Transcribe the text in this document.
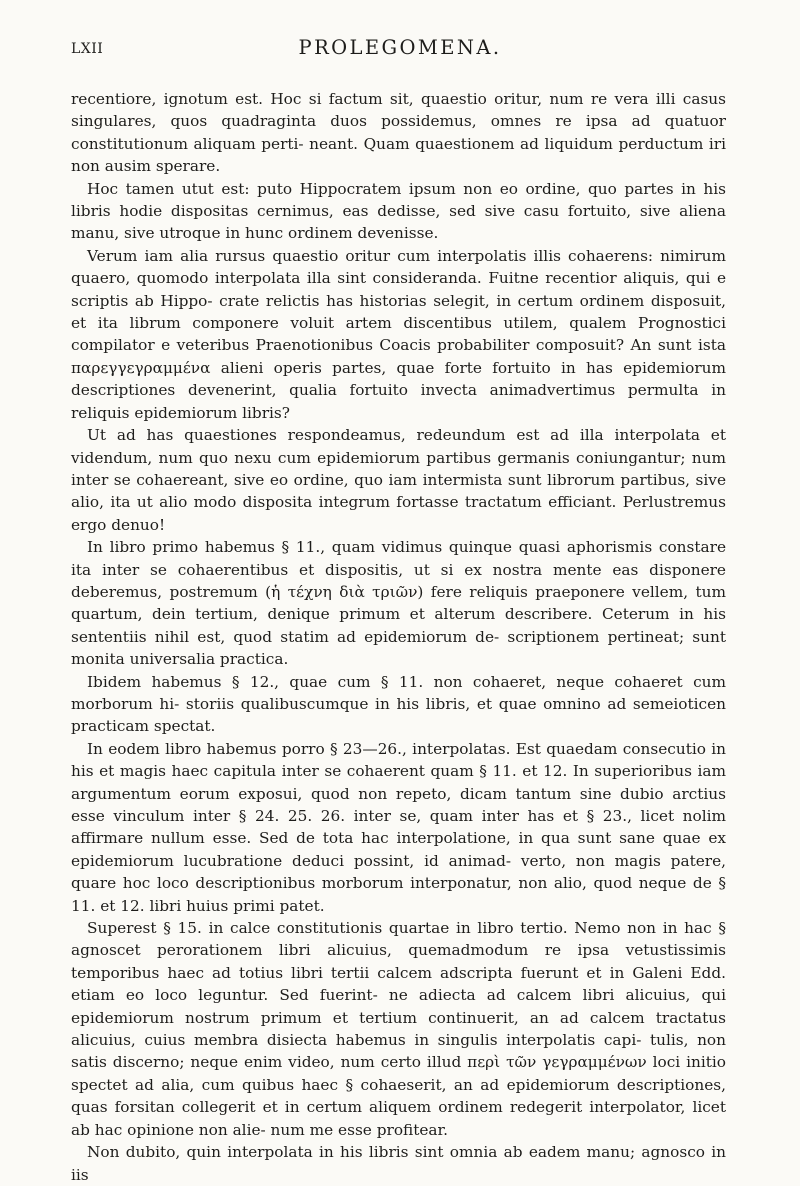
LXII	PROLEGOMENA.

recentiore, ignotum est. Hoc si factum sit, quaestio oritur, num re vera illi casus singulares, quos quadraginta duos possidemus, omnes re ipsa ad quatuor constitutionum aliquam perti- neant. Quam quaestionem ad liquidum perductum iri non ausim sperare.

Hoc tamen utut est: puto Hippocratem ipsum non eo ordine, quo partes in his libris hodie dispositas cernimus, eas dedisse, sed sive casu fortuito, sive aliena manu, sive utroque in hunc ordinem devenisse.

Verum iam alia rursus quaestio oritur cum interpolatis illis cohaerens: nimirum quaero, quomodo interpolata illa sint consideranda. Fuitne recentior aliquis, qui e scriptis ab Hippo- crate relictis has historias selegit, in certum ordinem disposuit, et ita librum componere voluit artem discentibus utilem, qualem Prognostici compilator e veteribus Praenotionibus Coacis probabiliter composuit? An sunt ista παρεγγεγραμμένα alieni operis partes, quae forte fortuito in has epidemiorum descriptiones devenerint, qualia fortuito invecta animadvertimus permulta in reliquis epidemiorum libris?

Ut ad has quaestiones respondeamus, redeundum est ad illa interpolata et videndum, num quo nexu cum epidemiorum partibus germanis coniungantur; num inter se cohaereant, sive eo ordine, quo iam intermista sunt librorum partibus, sive alio, ita ut alio modo disposita integrum fortasse tractatum efficiant. Perlustremus ergo denuo!

In libro primo habemus § 11., quam vidimus quinque quasi aphorismis constare ita inter se cohaerentibus et dispositis, ut si ex nostra mente eas disponere deberemus, postremum (ἡ τέχνη διὰ τριῶν) fere reliquis praeponere vellem, tum quartum, dein tertium, denique primum et alterum describere. Ceterum in his sententiis nihil est, quod statim ad epidemiorum de- scriptionem pertineat; sunt monita universalia practica.

Ibidem habemus § 12., quae cum § 11. non cohaeret, neque cohaeret cum morborum hi- storiis qualibuscumque in his libris, et quae omnino ad semeioticen practicam spectat.

In eodem libro habemus porro § 23—26., interpolatas. Est quaedam consecutio in his et magis haec capitula inter se cohaerent quam § 11. et 12. In superioribus iam argumentum eorum exposui, quod non repeto, dicam tantum sine dubio arctius esse vinculum inter § 24. 25. 26. inter se, quam inter has et § 23., licet nolim affirmare nullum esse. Sed de tota hac interpolatione, in qua sunt sane quae ex epidemiorum lucubratione deduci possint, id animad- verto, non magis patere, quare hoc loco descriptionibus morborum interponatur, non alio, quod neque de § 11. et 12. libri huius primi patet.

Superest § 15. in calce constitutionis quartae in libro tertio. Nemo non in hac § agnoscet perorationem libri alicuius, quemadmodum re ipsa vetustissimis temporibus haec ad totius libri tertii calcem adscripta fuerunt et in Galeni Edd. etiam eo loco leguntur. Sed fuerint- ne adiecta ad calcem libri alicuius, qui epidemiorum nostrum primum et tertium continuerit, an ad calcem tractatus alicuius, cuius membra disiecta habemus in singulis interpolatis capi- tulis, non satis discerno; neque enim video, num certo illud περὶ τῶν γεγραμμένων loci initio spectet ad alia, cum quibus haec § cohaeserit, an ad epidemiorum descriptiones, quas forsitan collegerit et in certum aliquem ordinem redegerit interpolator, licet ab hac opinione non alie- num me esse profitear.

Non dubito, quin interpolata in his libris sint omnia ab eadem manu; agnosco in iis
